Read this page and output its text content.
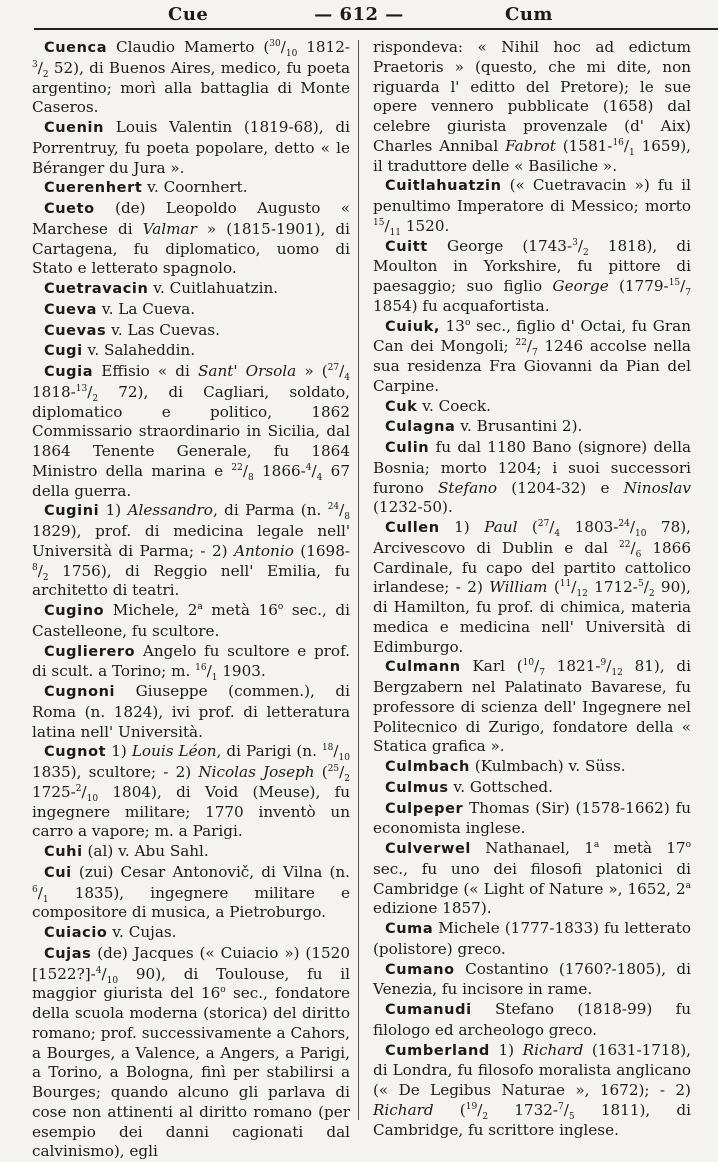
Cue	— 612 —	Cum

Cuenca Claudio Mamerto ($^{30}/_{10}$ $1812-^3/_2$ 52), di Buenos Aires, medico, fu poeta argentino; morì alla battaglia di Monte Caseros.

Cuenin Louis Valentin (1819-68), di Porrentruy, fu poeta popolare, detto « le Béranger du Jura ».

Cuerenhert v. Coornhert.

Cueto (de) Leopoldo Augusto « Marchese di Valmar » (1815-1901), di Cartagena, fu diplomatico, uomo di Stato e letterato spagnolo.

Cuetravacin v. Cuitlahuatzin.

Cueva v. La Cueva.

Cuevas v. Las Cuevas.

Cugi v. Salaheddin.

Cugia Effisio « di Sant' Orsola » ($^{27}/_4$ $1818-^{13}/_2$ 72), di Cagliari, soldato, diplomatico e politico, 1862 Commissario straordinario in Sicilia, dal 1864 Tenente Generale, fu 1864 Ministro della marina e $^{22}/_8$ $1866-^4/_4$ 67 della guerra.

Cugini 1) Alessandro, di Parma (n. $^{24}/_8$ 1829), prof. di medicina legale nell' Università di Parma; - 2) Antonio ($1698-^8/_2$ 1756), di Reggio nell' Emilia, fu architetto di teatri.

Cugino Michele, 2$^a$ metà 16$^o$ sec., di Castelleone, fu scultore.

Cuglierero Angelo fu scultore e prof. di scult. a Torino; m. $^{16}/_1$ 1903.

Cugnoni Giuseppe (commen.), di Roma (n. 1824), ivi prof. di letteratura latina nell' Università.

Cugnot 1) Louis Léon, di Parigi (n. $^{18}/_{10}$ 1835), scultore; - 2) Nicolas Joseph ($^{25}/_2$ $1725-^2/_{10}$ 1804), di Void (Meuse), fu ingegnere militare; 1770 inventò un carro a vapore; m. a Parigi.

Cuhi (al) v. Abu Sahl.

Cui (zui) Cesar Antonovič, di Vilna (n. $^6/_1$ 1835), ingegnere militare e compositore di musica, a Pietroburgo.

Cuiacio v. Cujas.

Cujas (de) Jacques (« Cuiacio ») (1520 $[1522?]-^4/_{10}$ 90), di Toulouse, fu il maggior giurista del 16$^o$ sec., fondatore della scuola moderna (storica) del diritto romano; prof. successivamente a Cahors, a Bourges, a Valence, a Angers, a Parigi, a Torino, a Bologna, finì per stabilirsi a Bourges; quando alcuno gli parlava di cose non attinenti al diritto romano (per esempio dei danni cagionati dal calvinismo), egli

rispondeva: « Nihil hoc ad edictum Praetoris » (questo, che mi dite, non riguarda l' editto del Pretore); le sue opere vennero pubblicate (1658) dal celebre giurista provenzale (d' Aix) Charles Annibal Fabrot ($1581-^{16}/_1$ 1659), il traduttore delle « Basiliche ».

Cuitlahuatzin (« Cuetravacin ») fu il penultimo Imperatore di Messico; morto $^{15}/_{11}$ 1520.

Cuitt George ($1743-^3/_2$ 1818), di Moulton in Yorkshire, fu pittore di paesaggio; suo figlio George ($1779-^{15}/_7$ 1854) fu acquafortista.

Cuiuk, 13$^o$ sec., figlio d' Octai, fu Gran Can dei Mongoli; $^{22}/_7$ 1246 accolse nella sua residenza Fra Giovanni da Pian del Carpine.

Cuk v. Coeck.

Culagna v. Brusantini 2).

Culin fu dal 1180 Bano (signore) della Bosnia; morto 1204; i suoi successori furono Stefano (1204-32) e Ninoslav (1232-50).

Cullen 1) Paul ($^{27}/_4$ $1803-^{24}/_{10}$ 78), Arcivescovo di Dublin e dal $^{22}/_6$ 1866 Cardinale, fu capo del partito cattolico irlandese; - 2) William ($^{11}/_{12}$ $1712-^5/_2$ 90), di Hamilton, fu prof. di chimica, materia medica e medicina nell' Università di Edimburgo.

Culmann Karl ($^{10}/_7$ $1821-^9/_{12}$ 81), di Bergzabern nel Palatinato Bavarese, fu professore di scienza dell' Ingegnere nel Politecnico di Zurigo, fondatore della « Statica grafica ».

Culmbach (Kulmbach) v. Süss.

Culmus v. Gottsched.

Culpeper Thomas (Sir) (1578-1662) fu economista inglese.

Culverwel Nathanael, 1$^a$ metà 17$^o$ sec., fu uno dei filosofi platonici di Cambridge (« Light of Nature », 1652, 2$^a$ edizione 1857).

Cuma Michele (1777-1833) fu letterato (polistore) greco.

Cumano Costantino (1760?-1805), di Venezia, fu incisore in rame.

Cumanudi Stefano (1818-99) fu filologo ed archeologo greco.

Cumberland 1) Richard (1631-1718), di Londra, fu filosofo moralista anglicano (« De Legibus Naturae », 1672); - 2) Richard ($^{19}/_2$ $1732-^7/_5$ 1811), di Cambridge, fu scrittore inglese.
